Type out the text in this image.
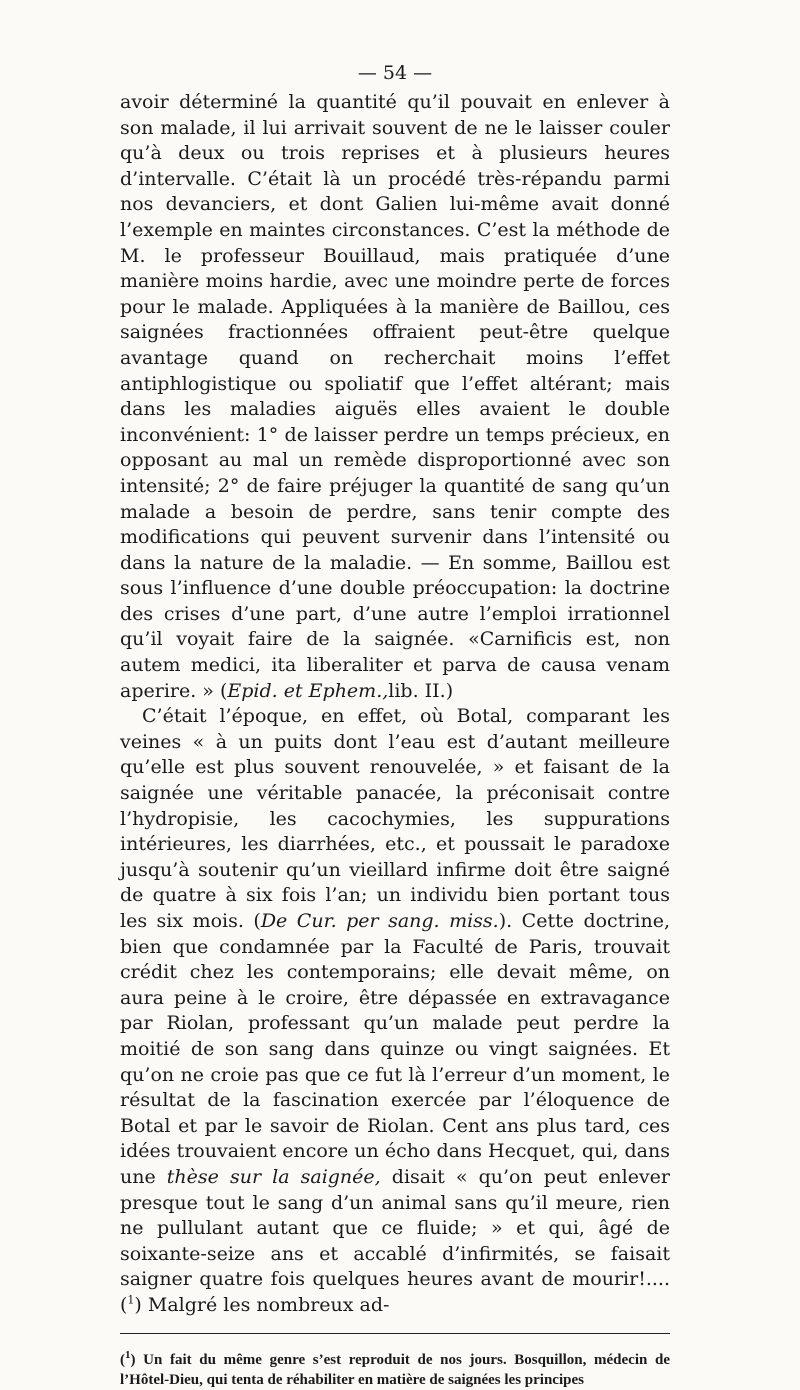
— 54 —

avoir déterminé la quantité qu’il pouvait en enlever à son malade, il lui arrivait souvent de ne le laisser couler qu’à deux ou trois reprises et à plusieurs heures d’intervalle. C’était là un procédé très-répandu parmi nos devanciers, et dont Galien lui-même avait donné l’exemple en maintes circonstances. C’est la méthode de M. le professeur Bouillaud, mais pratiquée d’une manière moins hardie, avec une moindre perte de forces pour le malade. Appliquées à la manière de Baillou, ces saignées fractionnées offraient peut-être quelque avantage quand on recherchait moins l’effet antiphlogistique ou spoliatif que l’effet altérant; mais dans les maladies aiguës elles avaient le double inconvénient: 1° de laisser perdre un temps précieux, en opposant au mal un remède disproportionné avec son intensité; 2° de faire préjuger la quantité de sang qu’un malade a besoin de perdre, sans tenir compte des modifications qui peuvent survenir dans l’intensité ou dans la nature de la maladie. — En somme, Baillou est sous l’influence d’une double préoccupation: la doctrine des crises d’une part, d’une autre l’emploi irrationnel qu’il voyait faire de la saignée. «Carnificis est, non autem medici, ita liberaliter et parva de causa venam aperire. » (Epid. et Ephem.,lib. II.)

C’était l’époque, en effet, où Botal, comparant les veines « à un puits dont l’eau est d’autant meilleure qu’elle est plus souvent renouvelée, » et faisant de la saignée une véritable panacée, la préconisait contre l’hydropisie, les cacochymies, les suppurations intérieures, les diarrhées, etc., et poussait le paradoxe jusqu’à soutenir qu’un vieillard infirme doit être saigné de quatre à six fois l’an; un individu bien portant tous les six mois. (De Cur. per sang. miss.). Cette doctrine, bien que condamnée par la Faculté de Paris, trouvait crédit chez les contemporains; elle devait même, on aura peine à le croire, être dépassée en extravagance par Riolan, professant qu’un malade peut perdre la moitié de son sang dans quinze ou vingt saignées. Et qu’on ne croie pas que ce fut là l’erreur d’un moment, le résultat de la fascination exercée par l’éloquence de Botal et par le savoir de Riolan. Cent ans plus tard, ces idées trouvaient encore un écho dans Hecquet, qui, dans une thèse sur la saignée, disait « qu’on peut enlever presque tout le sang d’un animal sans qu’il meure, rien ne pullulant autant que ce fluide; » et qui, âgé de soixante-seize ans et accablé d’infirmités, se faisait saigner quatre fois quelques heures avant de mourir!....($^1$) Malgré les nombreux ad-

($^1$) Un fait du même genre s’est reproduit de nos jours. Bosquillon, médecin de l’Hôtel-Dieu, qui tenta de réhabiliter en matière de saignées les principes
